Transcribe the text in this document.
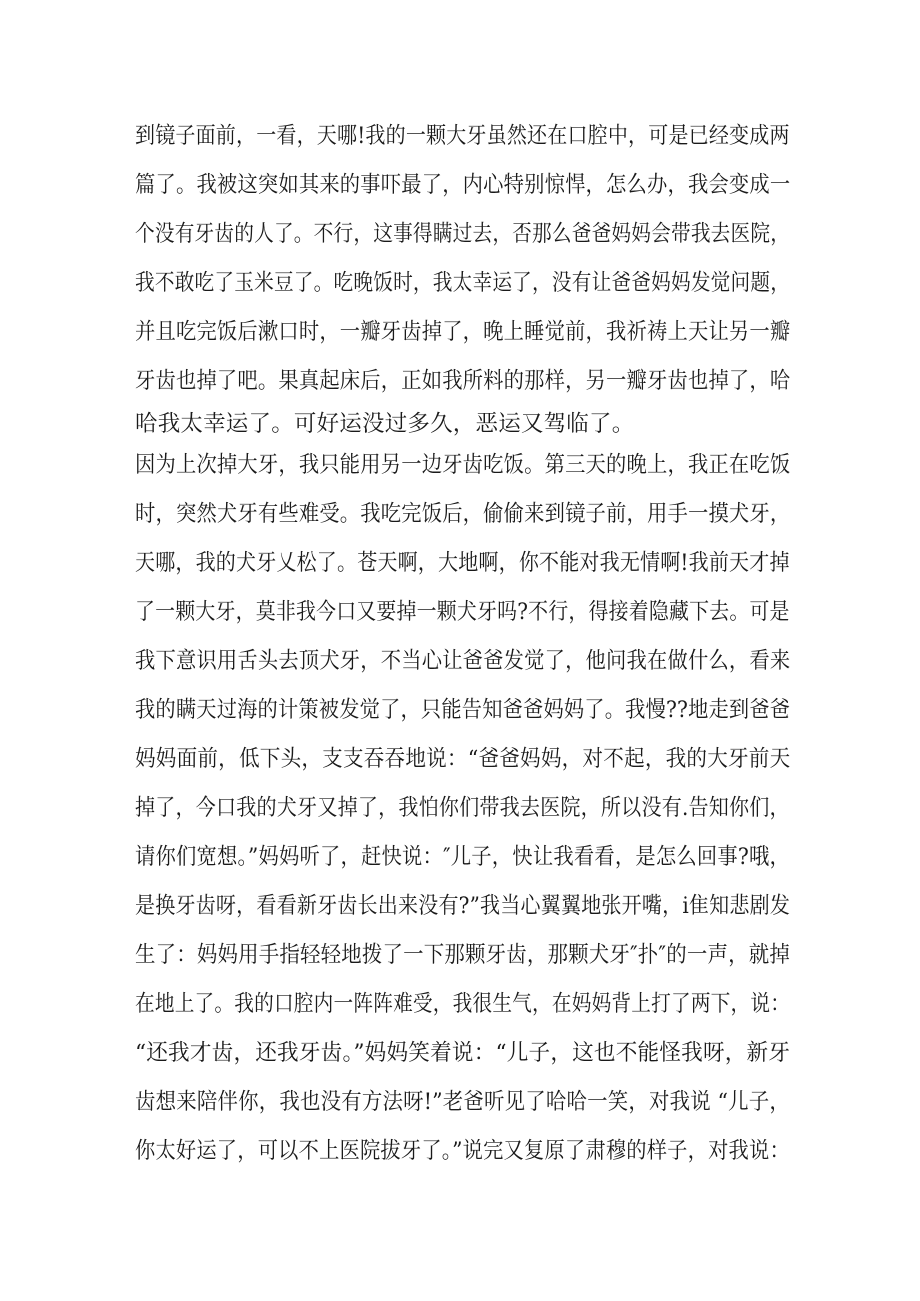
到镜子面前，一看，天哪!我的一颗大牙虽然还在口腔中，可是已经变成两
篇了。我被这突如其来的事吓最了，内心特别惊悍，怎么办，我会变成一
个没有牙齿的人了。不行，这事得瞒过去，否那么爸爸妈妈会带我去医院，
我不敢吃了玉米豆了。吃晚饭时，我太幸运了，没有让爸爸妈妈发觉问题，
并且吃完饭后漱口时，一瓣牙齿掉了，晚上睡觉前，我祈祷上天让另一瓣
牙齿也掉了吧。果真起床后，正如我所料的那样，另一瓣牙齿也掉了，哈
哈我太幸运了。可好运没过多久，恶运又驾临了。
因为上次掉大牙，我只能用另一边牙齿吃饭。第三天的晚上，我正在吃饭
时，突然犬牙有些难受。我吃完饭后，偷偷来到镜子前，用手一摸犬牙，
天哪，我的犬牙乂松了。苍天啊，大地啊，你不能对我无情啊!我前天才掉
了一颗大牙，莫非我今口又要掉一颗犬牙吗?不行，得接着隐藏下去。可是
我下意识用舌头去顶犬牙，不当心让爸爸发觉了，他问我在做什么，看来
我的瞒天过海的计策被发觉了，只能告知爸爸妈妈了。我慢??地走到爸爸
妈妈面前，低下头，支支吞吞地说：“爸爸妈妈，对不起，我的大牙前天
掉了，今口我的犬牙又掉了，我怕你们带我去医院，所以没有.告知你们，
请你们宽想。”妈妈听了，赶快说：″儿子，快让我看看，是怎么回事?哦，
是换牙齿呀，看看新牙齿长出来没有?”我当心翼翼地张开嘴，i隹知悲剧发
生了：妈妈用手指轻轻地拨了一下那颗牙齿，那颗犬牙″扑″的一声，就掉
在地上了。我的口腔内一阵阵难受，我很生气，在妈妈背上打了两下，说：
“还我才齿，还我牙齿。”妈妈笑着说：“儿子，这也不能怪我呀，新牙
齿想来陪伴你，我也没有方法呀!”老爸听见了哈哈一笑，对我说 “儿子，
你太好运了，可以不上医院拔牙了。”说完又复原了肃穆的样子，对我说：
